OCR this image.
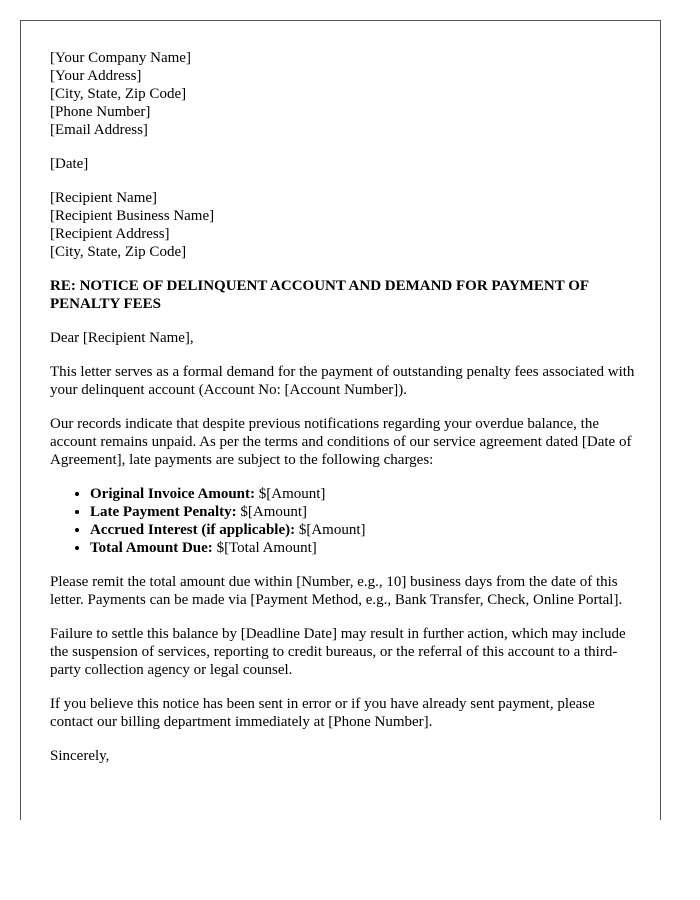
[Your Company Name]
[Your Address]
[City, State, Zip Code]
[Phone Number]
[Email Address]
[Date]
[Recipient Name]
[Recipient Business Name]
[Recipient Address]
[City, State, Zip Code]
RE: NOTICE OF DELINQUENT ACCOUNT AND DEMAND FOR PAYMENT OF PENALTY FEES

Dear [Recipient Name],

This letter serves as a formal demand for the payment of outstanding penalty fees associated with your delinquent account (Account No: [Account Number]).

Our records indicate that despite previous notifications regarding your overdue balance, the account remains unpaid. As per the terms and conditions of our service agreement dated [Date of Agreement], late payments are subject to the following charges:

• Original Invoice Amount: $[Amount]
• Late Payment Penalty: $[Amount]
• Accrued Interest (if applicable): $[Amount]
• Total Amount Due: $[Total Amount]

Please remit the total amount due within [Number, e.g., 10] business days from the date of this letter. Payments can be made via [Payment Method, e.g., Bank Transfer, Check, Online Portal].

Failure to settle this balance by [Deadline Date] may result in further action, which may include the suspension of services, reporting to credit bureaus, or the referral of this account to a third-party collection agency or legal counsel.

If you believe this notice has been sent in error or if you have already sent payment, please contact our billing department immediately at [Phone Number].

Sincerely,
